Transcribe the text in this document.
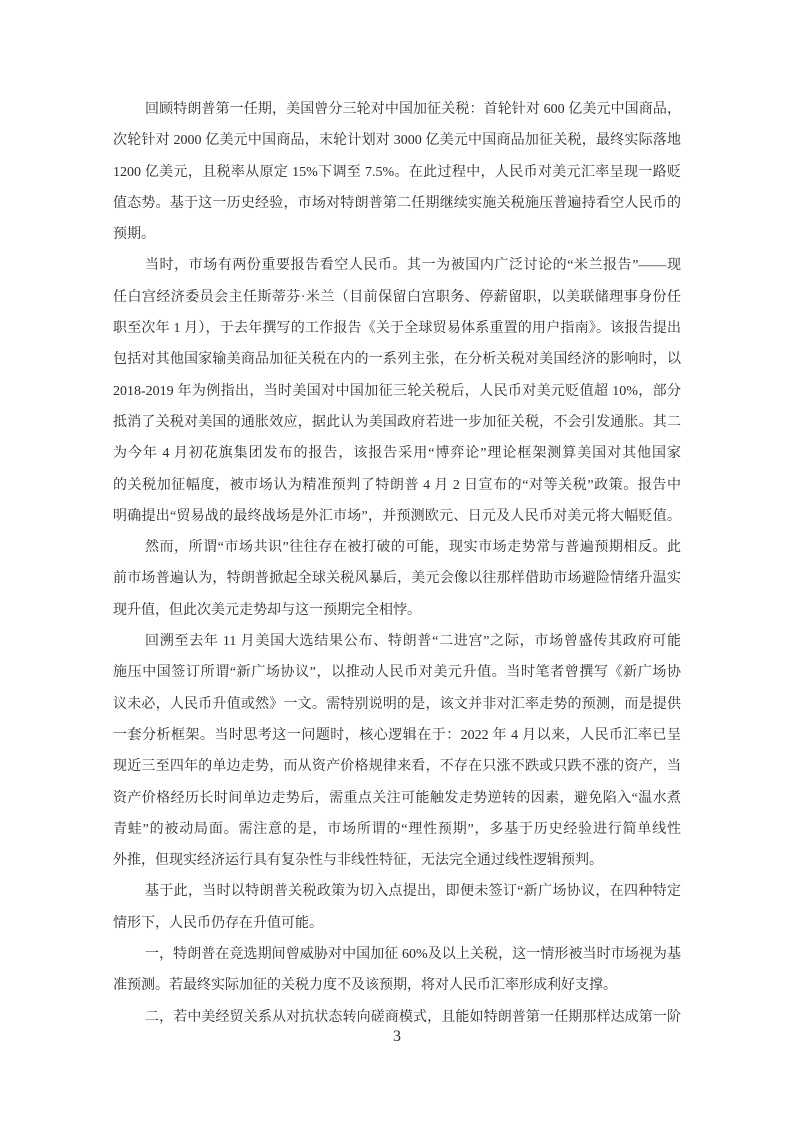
回顾特朗普第一任期，美国曾分三轮对中国加征关税：首轮针对 600 亿美元中国商品，
次轮针对 2000 亿美元中国商品，末轮计划对 3000 亿美元中国商品加征关税，最终实际落地
1200 亿美元，且税率从原定 15%下调至 7.5%。在此过程中，人民币对美元汇率呈现一路贬
值态势。基于这一历史经验，市场对特朗普第二任期继续实施关税施压普遍持看空人民币的
预期。
当时，市场有两份重要报告看空人民币。其一为被国内广泛讨论的“米兰报告”——现
任白宫经济委员会主任斯蒂芬·米兰（目前保留白宫职务、停薪留职，以美联储理事身份任
职至次年 1 月），于去年撰写的工作报告《关于全球贸易体系重置的用户指南》。该报告提出
包括对其他国家输美商品加征关税在内的一系列主张，在分析关税对美国经济的影响时，以
2018-2019 年为例指出，当时美国对中国加征三轮关税后，人民币对美元贬值超 10%，部分
抵消了关税对美国的通胀效应，据此认为美国政府若进一步加征关税，不会引发通胀。其二
为今年 4 月初花旗集团发布的报告，该报告采用“博弈论”理论框架测算美国对其他国家
的关税加征幅度，被市场认为精准预判了特朗普 4 月 2 日宣布的“对等关税”政策。报告中
明确提出“贸易战的最终战场是外汇市场”，并预测欧元、日元及人民币对美元将大幅贬值。
然而，所谓“市场共识”往往存在被打破的可能，现实市场走势常与普遍预期相反。此
前市场普遍认为，特朗普掀起全球关税风暴后，美元会像以往那样借助市场避险情绪升温实
现升值，但此次美元走势却与这一预期完全相悖。
回溯至去年 11 月美国大选结果公布、特朗普“二进宫”之际，市场曾盛传其政府可能
施压中国签订所谓“新广场协议”，以推动人民币对美元升值。当时笔者曾撰写《新广场协
议未必，人民币升值或然》一文。需特别说明的是，该文并非对汇率走势的预测，而是提供
一套分析框架。当时思考这一问题时，核心逻辑在于：2022 年 4 月以来，人民币汇率已呈
现近三至四年的单边走势，而从资产价格规律来看，不存在只涨不跌或只跌不涨的资产，当
资产价格经历长时间单边走势后，需重点关注可能触发走势逆转的因素，避免陷入“温水煮
青蛙”的被动局面。需注意的是，市场所谓的“理性预期”，多基于历史经验进行简单线性
外推，但现实经济运行具有复杂性与非线性特征，无法完全通过线性逻辑预判。
基于此，当时以特朗普关税政策为切入点提出，即便未签订“新广场协议，在四种特定
情形下，人民币仍存在升值可能。
一，特朗普在竞选期间曾威胁对中国加征 60%及以上关税，这一情形被当时市场视为基
准预测。若最终实际加征的关税力度不及该预期，将对人民币汇率形成利好支撑。
二，若中美经贸关系从对抗状态转向磋商模式，且能如特朗普第一任期那样达成第一阶
3
